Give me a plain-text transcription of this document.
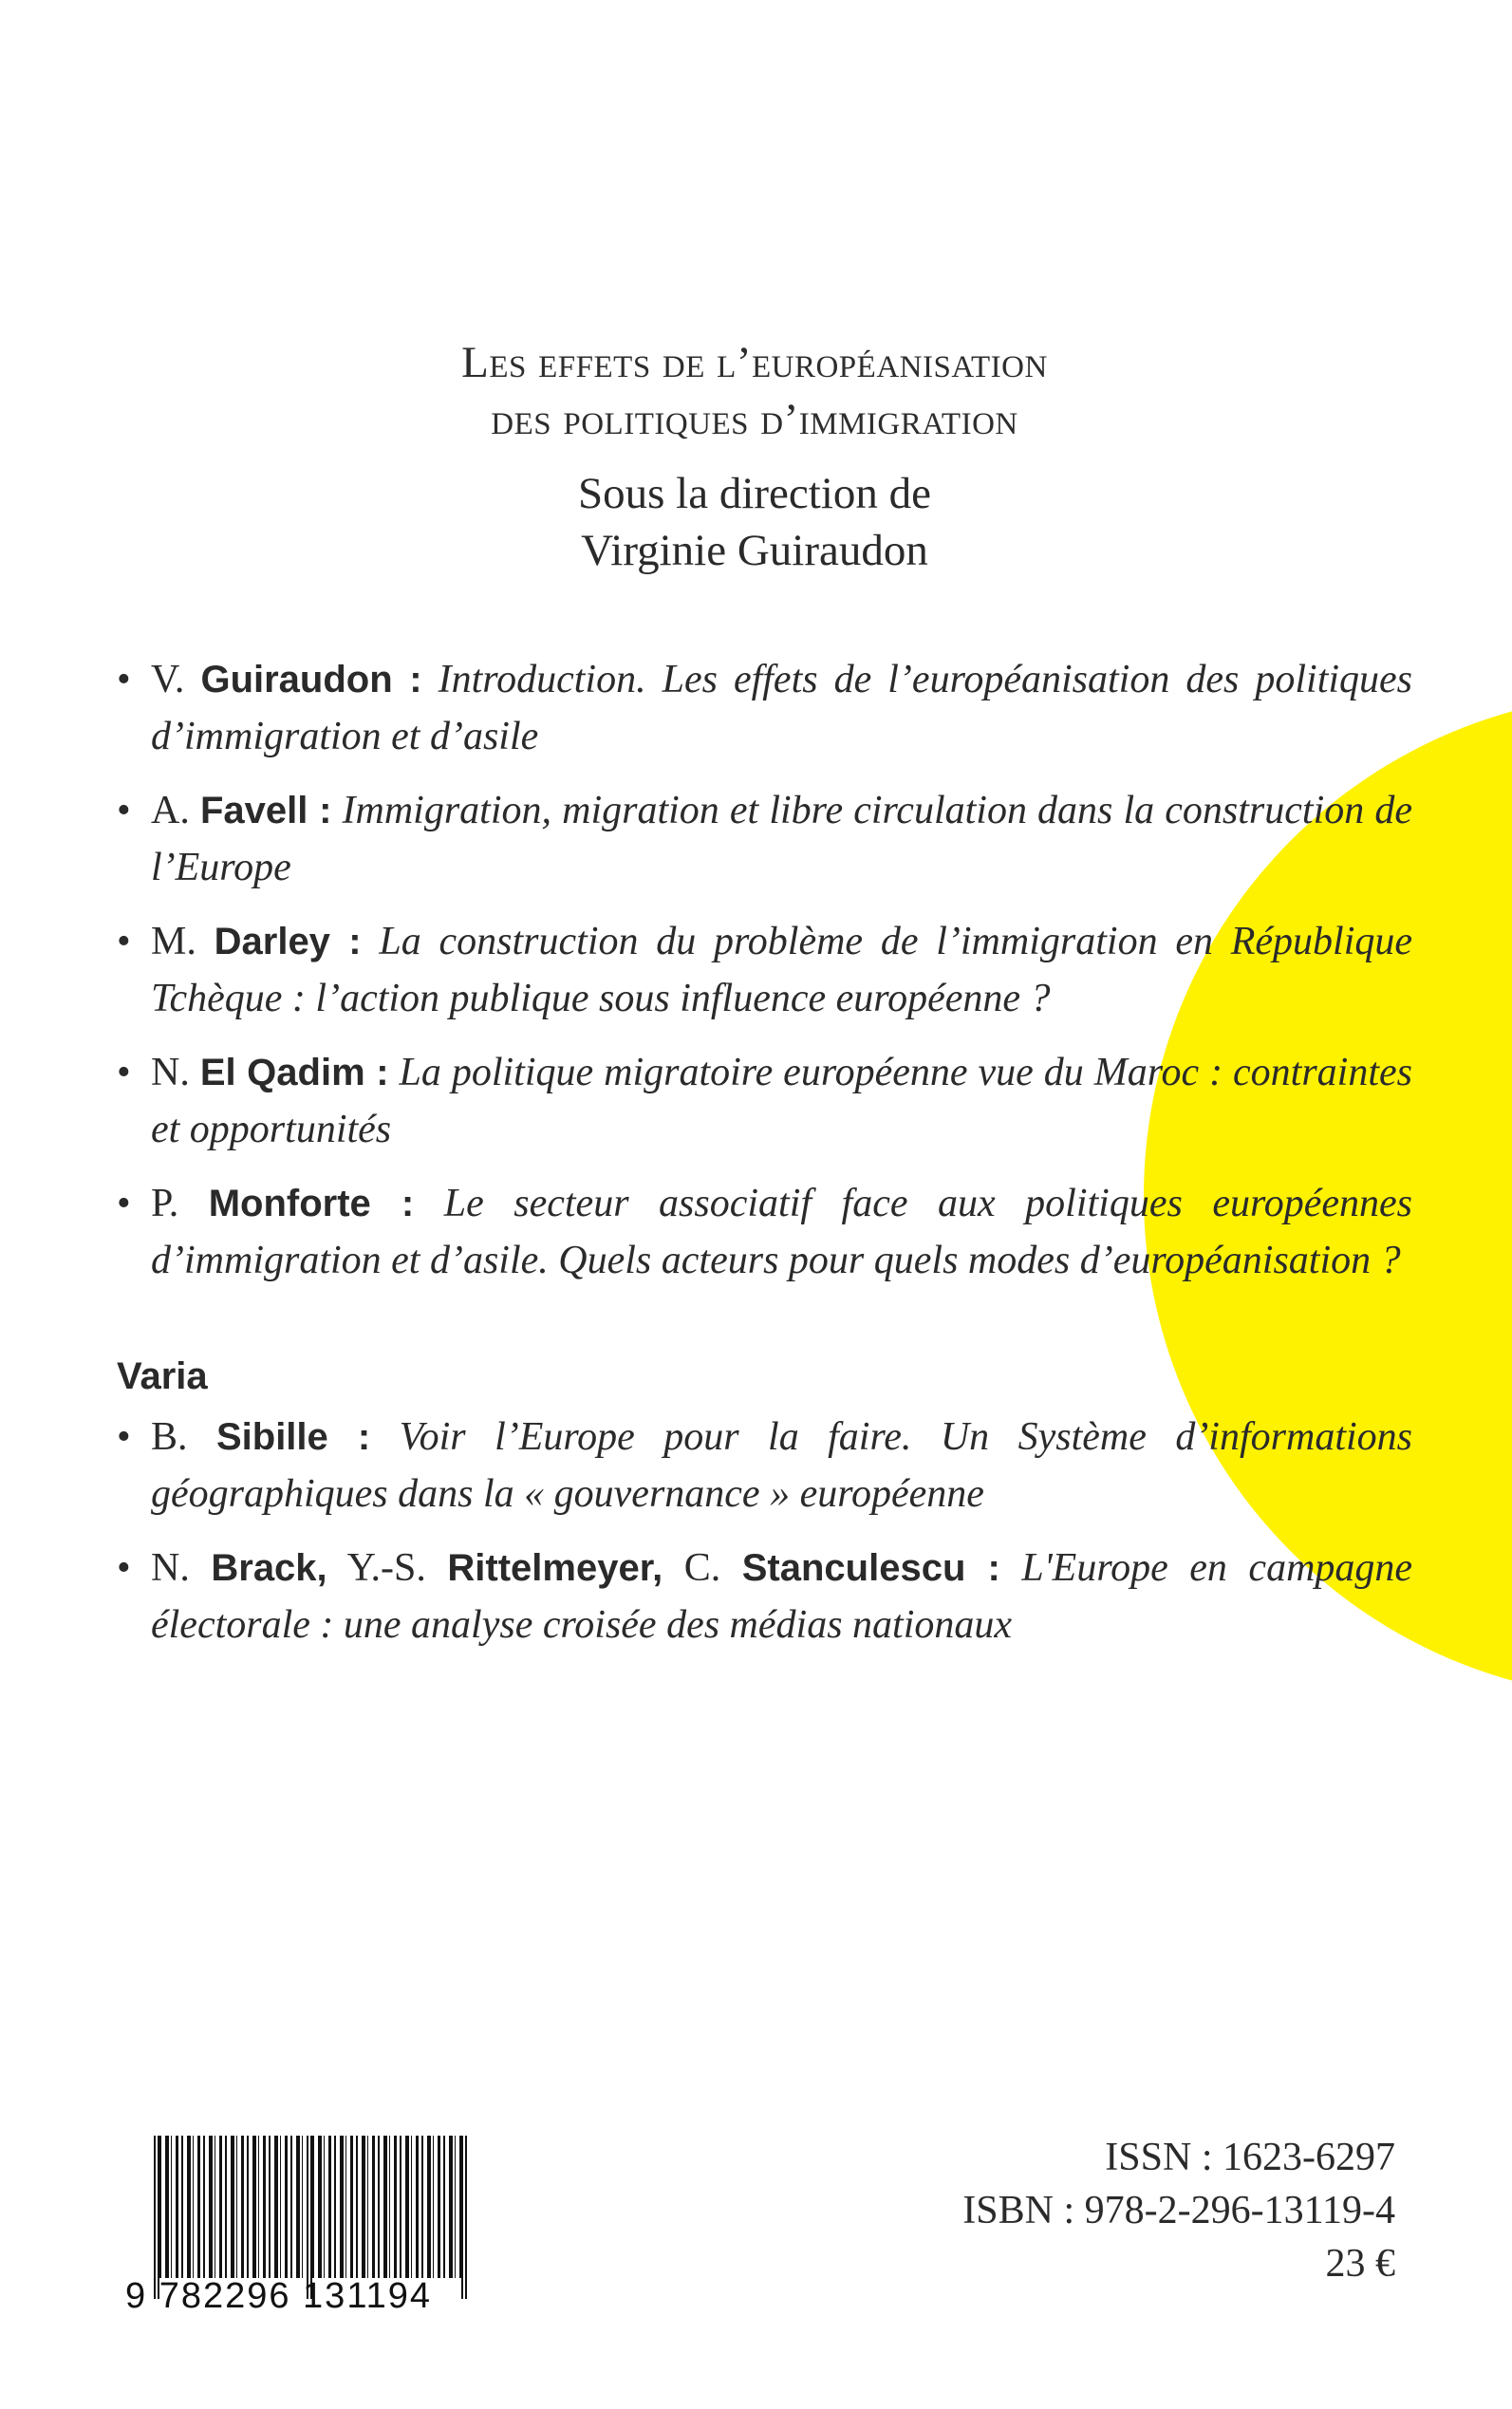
Les effets de l’européanisation
des politiques d’immigration
Sous la direction de
Virginie Guiraudon
• V. Guiraudon : Introduction. Les effets de l’européanisation des politiques d’immigration et d’asile
• A. Favell : Immigration, migration et libre circulation dans la construction de l’Europe
• M. Darley : La construction du problème de l’immigration en République Tchèque : l’action publique sous influence européenne ?
• N. El Qadim : La politique migratoire européenne vue du Maroc : contraintes et opportunités
• P. Monforte : Le secteur associatif face aux politiques européennes d’immigration et d’asile. Quels acteurs pour quels modes d’européanisation ?
Varia
• B. Sibille : Voir l’Europe pour la faire. Un Système d’informations géographiques dans la « gouvernance » européenne
• N. Brack, Y.-S. Rittelmeyer, C. Stanculescu : L'Europe en campagne électorale : une analyse croisée des médias nationaux
9 782296 131194
ISSN : 1623-6297
ISBN : 978-2-296-13119-4
23 €
